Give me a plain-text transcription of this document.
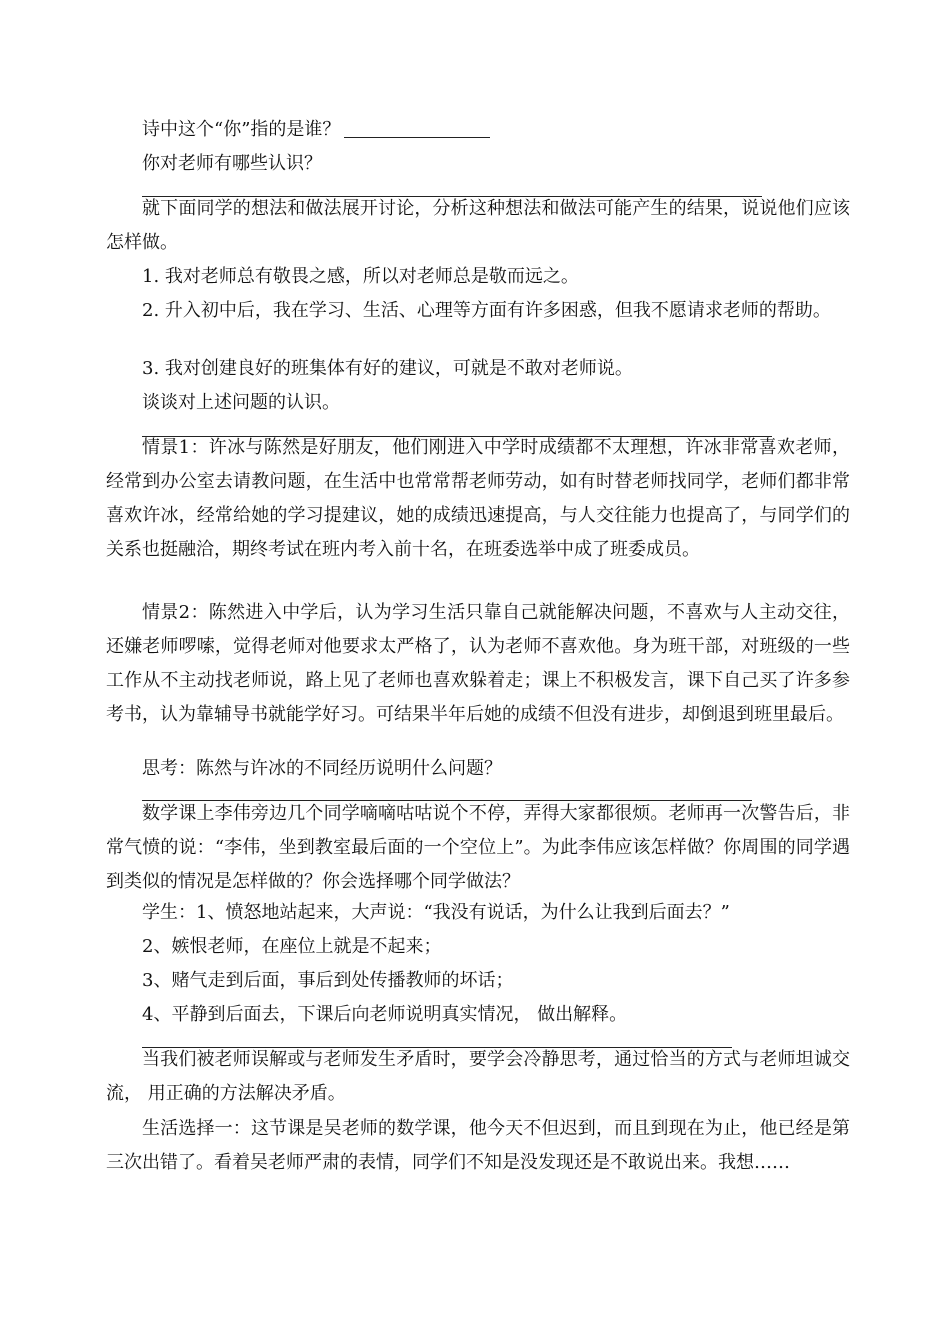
诗中这个“你”指的是谁？

你对老师有哪些认识？

就下面同学的想法和做法展开讨论，分析这种想法和做法可能产生的结果，说说他们应该怎样做。

1. 我对老师总有敬畏之感，所以对老师总是敬而远之。

2. 升入初中后，我在学习、生活、心理等方面有许多困惑，但我不愿请求老师的帮助。

3. 我对创建良好的班集体有好的建议，可就是不敢对老师说。

谈谈对上述问题的认识。

情景1：许冰与陈然是好朋友，他们刚进入中学时成绩都不太理想，许冰非常喜欢老师，经常到办公室去请教问题，在生活中也常常帮老师劳动，如有时替老师找同学，老师们都非常喜欢许冰，经常给她的学习提建议，她的成绩迅速提高，与人交往能力也提高了，与同学们的关系也挺融洽，期终考试在班内考入前十名，在班委选举中成了班委成员。

情景2：陈然进入中学后，认为学习生活只靠自己就能解决问题，不喜欢与人主动交往，还嫌老师啰嗦，觉得老师对他要求太严格了，认为老师不喜欢他。身为班干部，对班级的一些工作从不主动找老师说，路上见了老师也喜欢躲着走；课上不积极发言，课下自己买了许多参考书，认为靠辅导书就能学好习。可结果半年后她的成绩不但没有进步，却倒退到班里最后。

思考：陈然与许冰的不同经历说明什么问题？

数学课上李伟旁边几个同学嘀嘀咕咕说个不停，弄得大家都很烦。老师再一次警告后，非常气愤的说：“李伟，坐到教室最后面的一个空位上”。为此李伟应该怎样做？你周围的同学遇到类似的情况是怎样做的？你会选择哪个同学做法？

学生：1、愤怒地站起来，大声说：“我没有说话，为什么让我到后面去？”

2、嫉恨老师，在座位上就是不起来；

3、赌气走到后面，事后到处传播教师的坏话；

4、平静到后面去，下课后向老师说明真实情况， 做出解释。

当我们被老师误解或与老师发生矛盾时，要学会冷静思考，通过恰当的方式与老师坦诚交流， 用正确的方法解决矛盾。

生活选择一：这节课是吴老师的数学课，他今天不但迟到，而且到现在为止，他已经是第三次出错了。看着吴老师严肃的表情，同学们不知是没发现还是不敢说出来。我想……
